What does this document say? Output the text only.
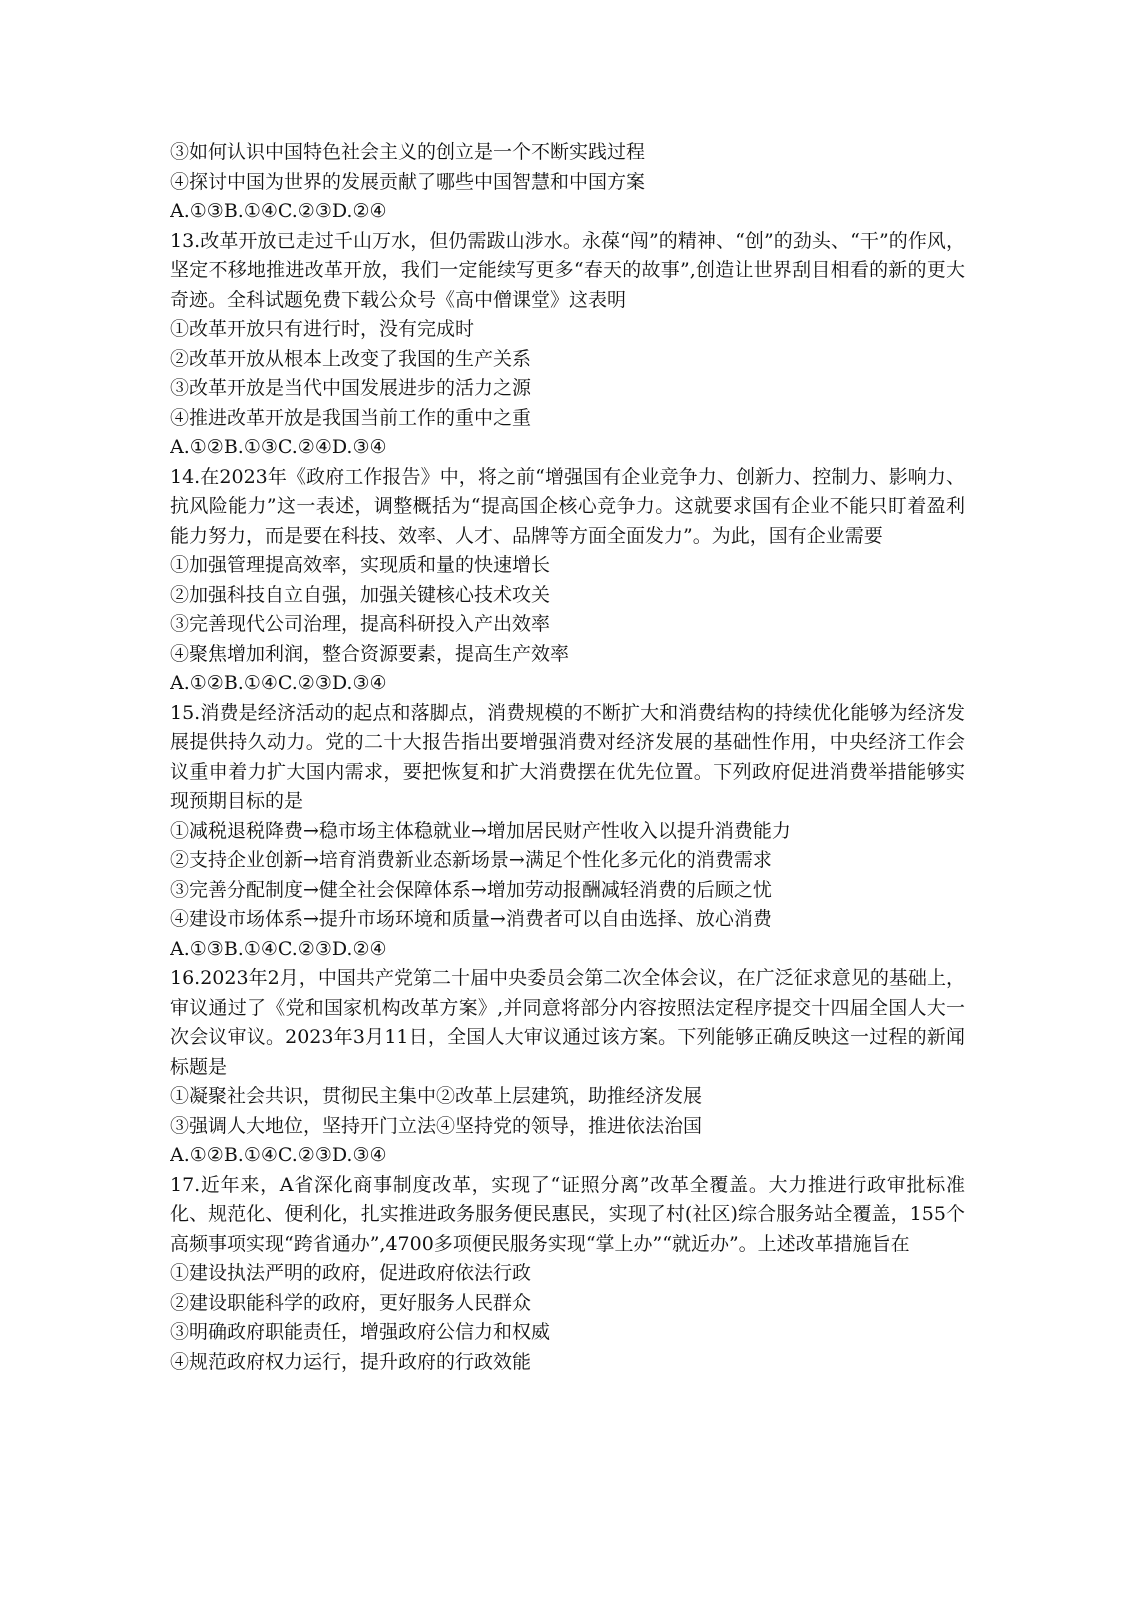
③如何认识中国特色社会主义的创立是一个不断实践过程
④探讨中国为世界的发展贡献了哪些中国智慧和中国方案
A.①③B.①④C.②③D.②④
13.改革开放已走过千山万水，但仍需跋山涉水。永葆“闯”的精神、“创”的劲头、“干”的作风，坚定不移地推进改革开放，我们一定能续写更多“春天的故事”,创造让世界刮目相看的新的更大奇迹。全科试题免费下载公众号《高中僧课堂》这表明
①改革开放只有进行时，没有完成时
②改革开放从根本上改变了我国的生产关系
③改革开放是当代中国发展进步的活力之源
④推进改革开放是我国当前工作的重中之重
A.①②B.①③C.②④D.③④
14.在2023年《政府工作报告》中，将之前“增强国有企业竞争力、创新力、控制力、影响力、抗风险能力”这一表述，调整概括为“提高国企核心竞争力。这就要求国有企业不能只盯着盈利能力努力，而是要在科技、效率、人才、品牌等方面全面发力”。为此，国有企业需要
①加强管理提高效率，实现质和量的快速增长
②加强科技自立自强，加强关键核心技术攻关
③完善现代公司治理，提高科研投入产出效率
④聚焦增加利润，整合资源要素，提高生产效率
A.①②B.①④C.②③D.③④
15.消费是经济活动的起点和落脚点，消费规模的不断扩大和消费结构的持续优化能够为经济发展提供持久动力。党的二十大报告指出要增强消费对经济发展的基础性作用，中央经济工作会议重申着力扩大国内需求，要把恢复和扩大消费摆在优先位置。下列政府促进消费举措能够实现预期目标的是
①减税退税降费→稳市场主体稳就业→增加居民财产性收入以提升消费能力
②支持企业创新→培育消费新业态新场景→满足个性化多元化的消费需求
③完善分配制度→健全社会保障体系→增加劳动报酬减轻消费的后顾之忧
④建设市场体系→提升市场环境和质量→消费者可以自由选择、放心消费
A.①③B.①④C.②③D.②④
16.2023年2月，中国共产党第二十届中央委员会第二次全体会议，在广泛征求意见的基础上，审议通过了《党和国家机构改革方案》,并同意将部分内容按照法定程序提交十四届全国人大一次会议审议。2023年3月11日，全国人大审议通过该方案。下列能够正确反映这一过程的新闻标题是
①凝聚社会共识，贯彻民主集中②改革上层建筑，助推经济发展
③强调人大地位，坚持开门立法④坚持党的领导，推进依法治国
A.①②B.①④C.②③D.③④
17.近年来，A省深化商事制度改革，实现了“证照分离”改革全覆盖。大力推进行政审批标准化、规范化、便利化，扎实推进政务服务便民惠民，实现了村(社区)综合服务站全覆盖，155个高频事项实现“跨省通办”,4700多项便民服务实现“掌上办”“就近办”。上述改革措施旨在
①建设执法严明的政府，促进政府依法行政
②建设职能科学的政府，更好服务人民群众
③明确政府职能责任，增强政府公信力和权威
④规范政府权力运行，提升政府的行政效能
